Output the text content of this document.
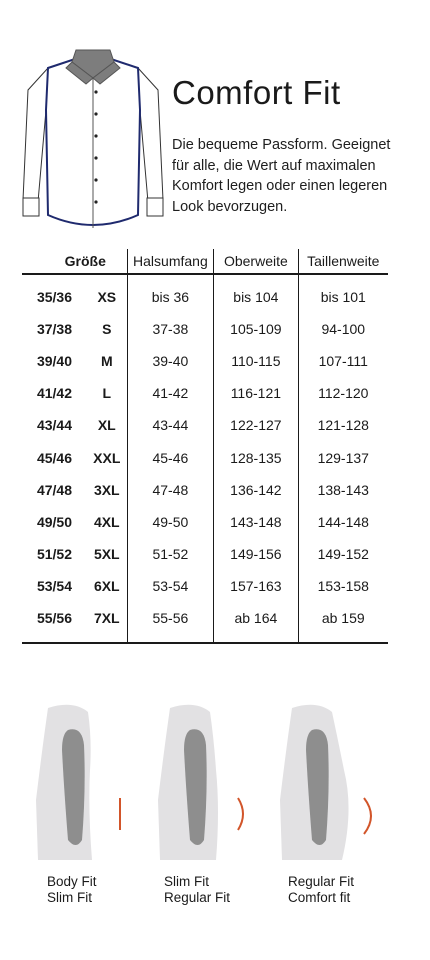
Comfort Fit
Die bequeme Passform. Geeignet
für alle, die Wert auf maximalen
Komfort legen oder einen legeren
Look bevorzugen.
Größe		Halsumfang	Oberweite	Taillenweite
35/36	XS	bis 36	bis 104	bis 101
37/38	S	37-38	105-109	94-100
39/40	M	39-40	110-115	107-111
41/42	L	41-42	116-121	112-120
43/44	XL	43-44	122-127	121-128
45/46	XXL	45-46	128-135	129-137
47/48	3XL	47-48	136-142	138-143
49/50	4XL	49-50	143-148	144-148
51/52	5XL	51-52	149-156	149-152
53/54	6XL	53-54	157-163	153-158
55/56	7XL	55-56	ab 164	ab 159
Body Fit
Slim Fit
Slim Fit
Regular Fit
Regular Fit
Comfort fit
